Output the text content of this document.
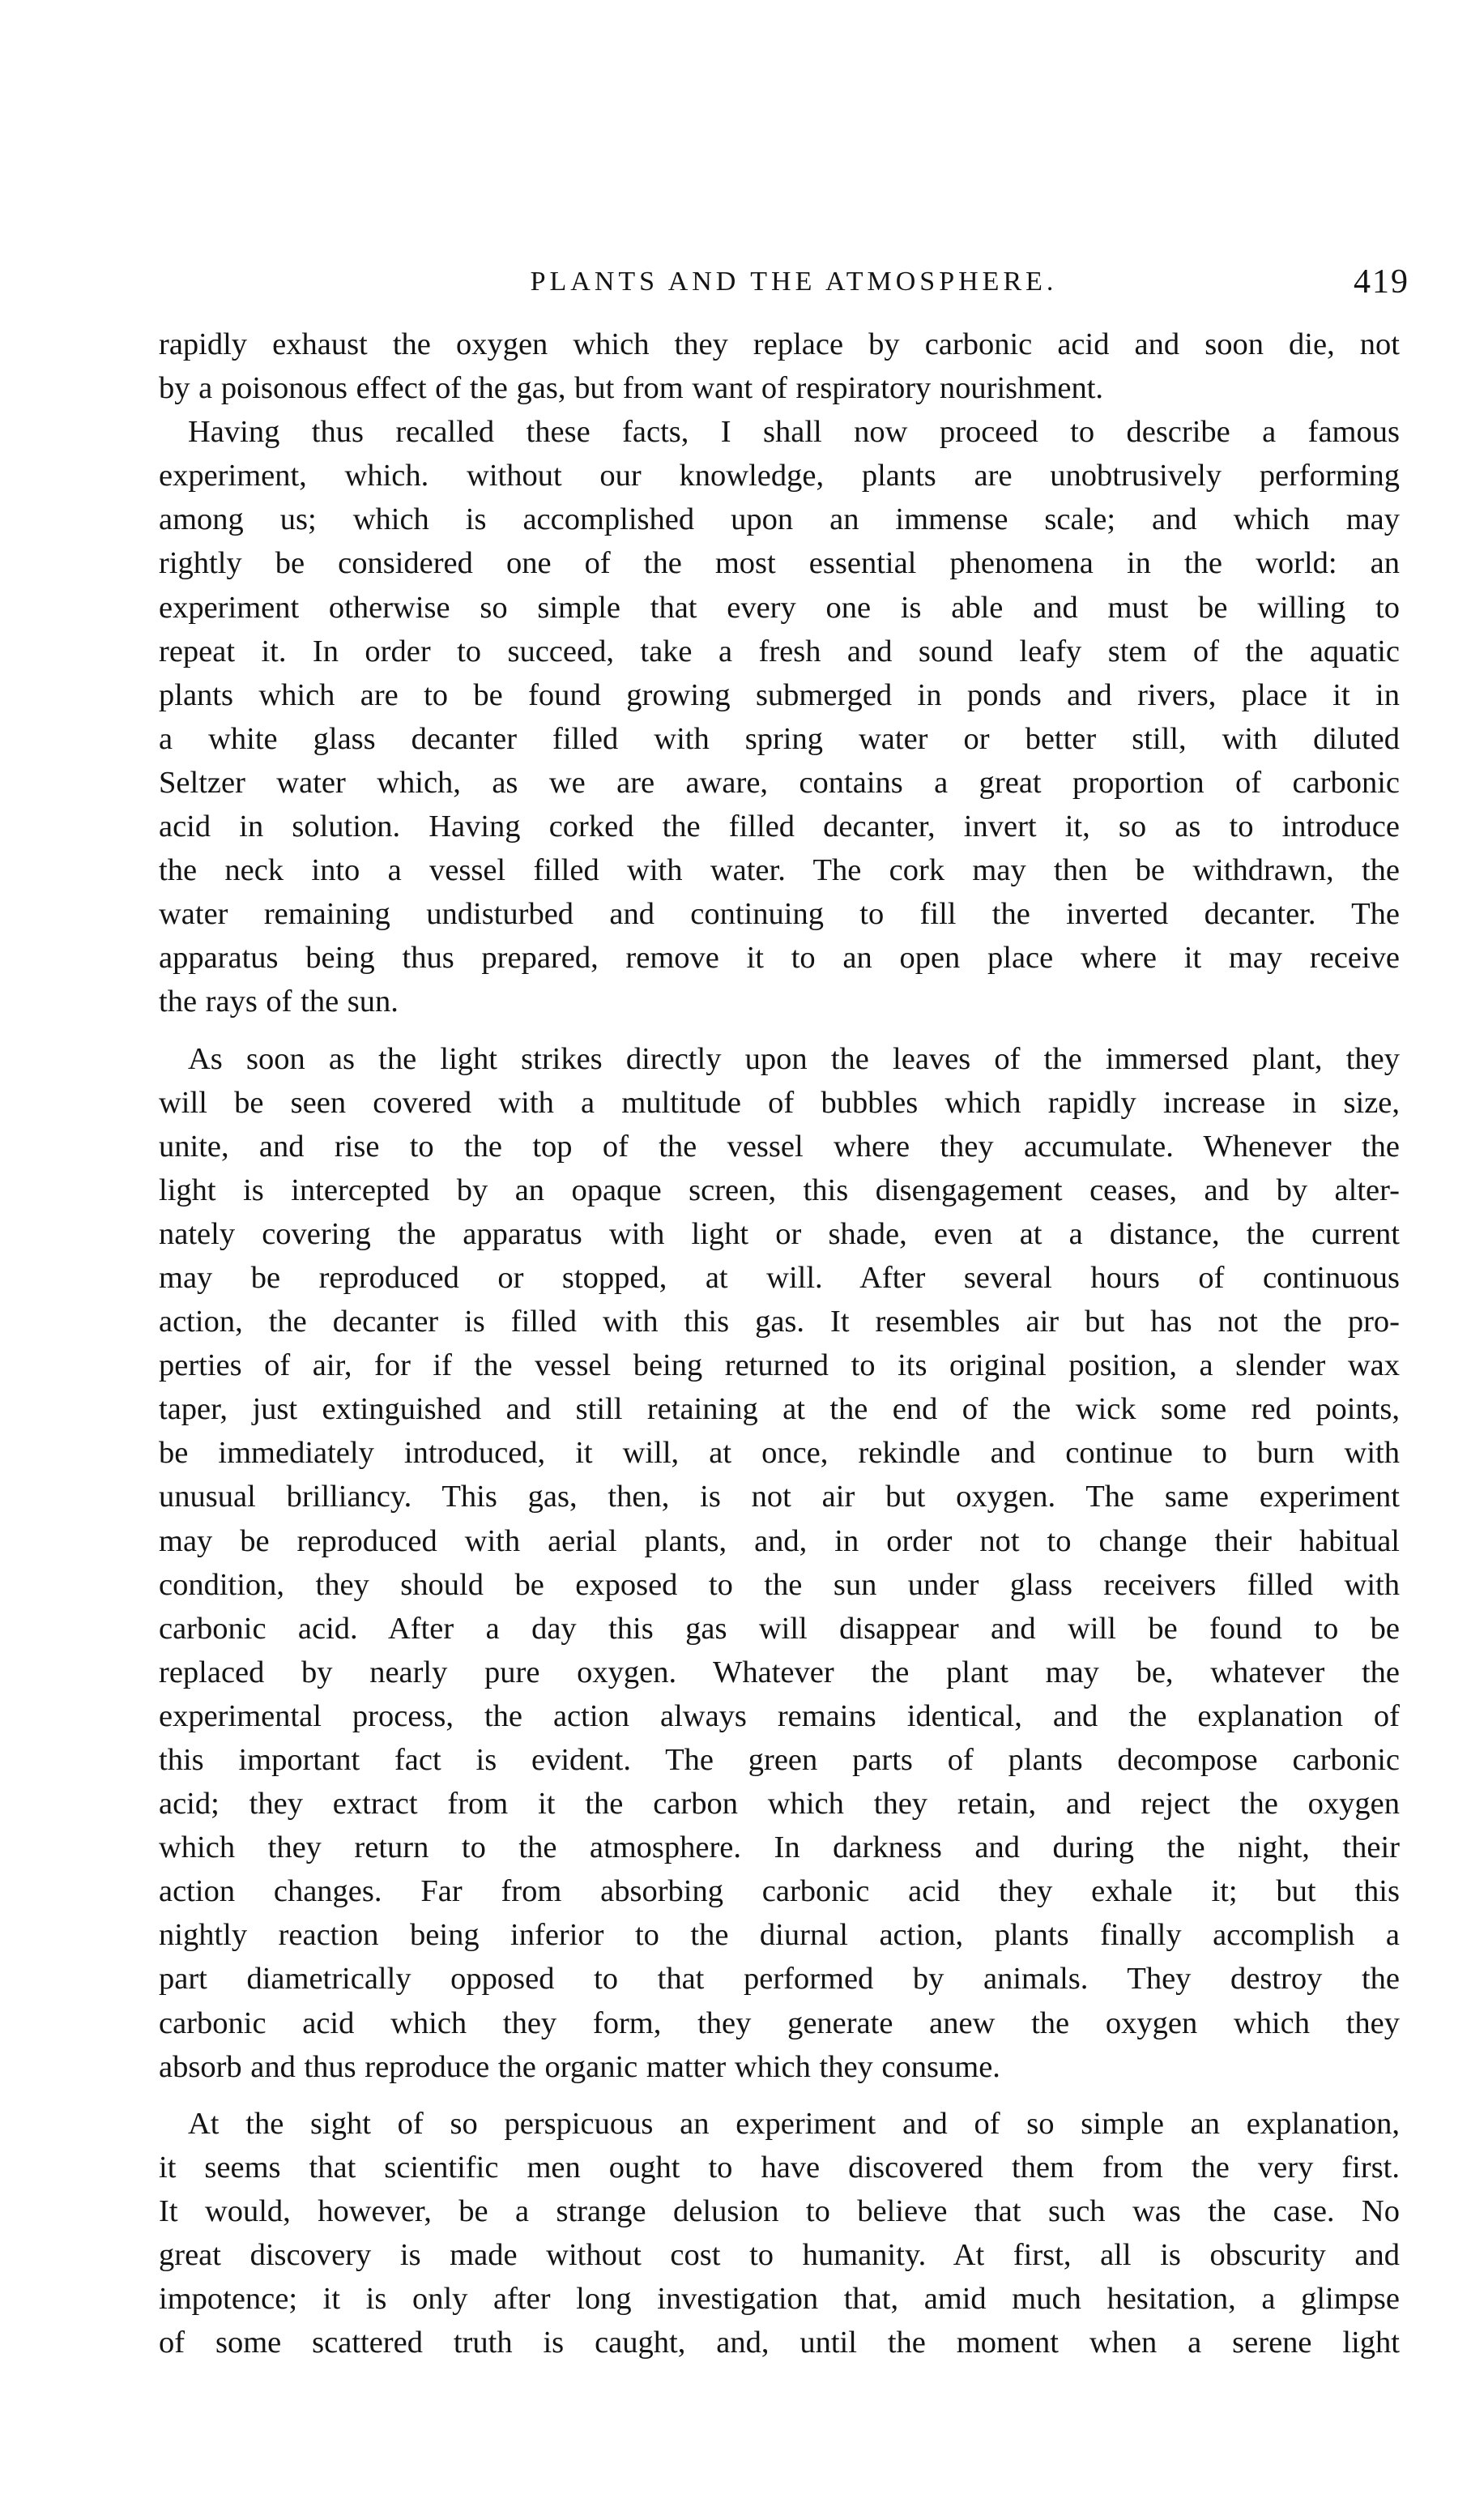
PLANTS AND THE ATMOSPHERE.	419

rapidly exhaust the oxygen which they replace by carbonic acid and soon die, not
by a poisonous effect of the gas, but from want of respiratory nourishment.

Having thus recalled these facts, I shall now proceed to describe a famous
experiment, which. without our knowledge, plants are unobtrusively performing
among us; which is accomplished upon an immense scale; and which may
rightly be considered one of the most essential phenomena in the world: an
experiment otherwise so simple that every one is able and must be willing to
repeat it. In order to succeed, take a fresh and sound leafy stem of the aquatic
plants which are to be found growing submerged in ponds and rivers, place it in
a white glass decanter filled with spring water or better still, with diluted
Seltzer water which, as we are aware, contains a great proportion of carbonic
acid in solution. Having corked the filled decanter, invert it, so as to introduce
the neck into a vessel filled with water. The cork may then be withdrawn, the
water remaining undisturbed and continuing to fill the inverted decanter. The
apparatus being thus prepared, remove it to an open place where it may receive
the rays of the sun.

As soon as the light strikes directly upon the leaves of the immersed plant, they
will be seen covered with a multitude of bubbles which rapidly increase in size,
unite, and rise to the top of the vessel where they accumulate. Whenever the
light is intercepted by an opaque screen, this disengagement ceases, and by alter-
nately covering the apparatus with light or shade, even at a distance, the current
may be reproduced or stopped, at will. After several hours of continuous
action, the decanter is filled with this gas. It resembles air but has not the pro-
perties of air, for if the vessel being returned to its original position, a slender wax
taper, just extinguished and still retaining at the end of the wick some red points,
be immediately introduced, it will, at once, rekindle and continue to burn with
unusual brilliancy. This gas, then, is not air but oxygen. The same experiment
may be reproduced with aerial plants, and, in order not to change their habitual
condition, they should be exposed to the sun under glass receivers filled with
carbonic acid. After a day this gas will disappear and will be found to be
replaced by nearly pure oxygen. Whatever the plant may be, whatever the
experimental process, the action always remains identical, and the explanation of
this important fact is evident. The green parts of plants decompose carbonic
acid; they extract from it the carbon which they retain, and reject the oxygen
which they return to the atmosphere. In darkness and during the night, their
action changes. Far from absorbing carbonic acid they exhale it; but this
nightly reaction being inferior to the diurnal action, plants finally accomplish a
part diametrically opposed to that performed by animals. They destroy the
carbonic acid which they form, they generate anew the oxygen which they
absorb and thus reproduce the organic matter which they consume.

At the sight of so perspicuous an experiment and of so simple an explanation,
it seems that scientific men ought to have discovered them from the very first.
It would, however, be a strange delusion to believe that such was the case. No
great discovery is made without cost to humanity. At first, all is obscurity and
impotence; it is only after long investigation that, amid much hesitation, a glimpse
of some scattered truth is caught, and, until the moment when a serene light
